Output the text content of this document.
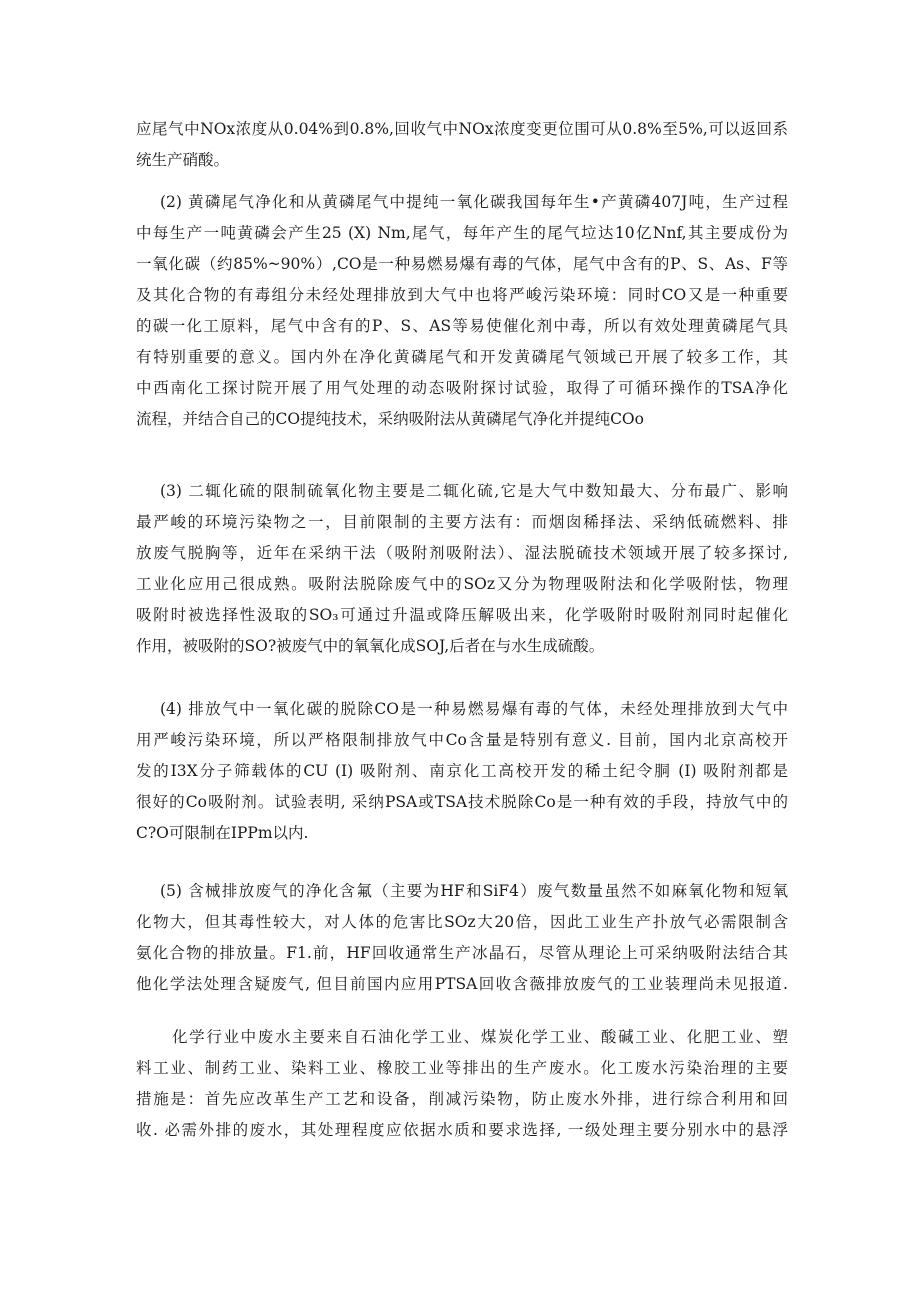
应尾气中NOx浓度从0.04%到0.8%,回收气中NOx浓度变更位围可从0.8%至5%,可以返回系
统生产硝酸。
(2) 黄磷尾气净化和从黄磷尾气中提纯一氧化碳我国每年生•产黄磷407J吨，生产过程
中每生产一吨黄磷会产生25 (X) Nm,尾气，每年产生的尾气垃达10亿Nnf,其主要成份为
一氧化碳（约85%~90%）,CO是一种易燃易爆有毒的气体，尾气中含有的P、S、As、F等
及其化合物的有毒组分未经处理排放到大气中也将严峻污染环境：同时CO又是一种重要
的碳一化工原料，尾气中含有的P、S、AS等易使催化剂中毒，所以有效处理黄磷尾气具
有特别重要的意义。国内外在净化黄磷尾气和开发黄磷尾气领域已开展了较多工作，其
中西南化工探讨院开展了用气处理的动态吸附探讨试验，取得了可循环操作的TSA净化
流程，并结合自己的CO提纯技术，采纳吸附法从黄磷尾气净化并提纯COo
(3) 二辄化硫的限制硫氧化物主要是二辄化硫,它是大气中数知最大、分布最广、影响
最严峻的环境污染物之一，目前限制的主要方法有：而烟囱稀择法、采纳低硫燃料、排
放废气脱胸等，近年在采纳干法（吸附剂吸附法）、湿法脱硫技术领域开展了较多探讨,
工业化应用己很成熟。吸附法脱除废气中的SOz又分为物理吸附法和化学吸附怯，物理
吸附时被选择性汲取的SO₃可通过升温或降压解吸出来，化学吸附时吸附剂同时起催化
作用，被吸附的SO?被废气中的氧氧化成SOJ,后者在与水生成硫酸。
(4) 排放气中一氧化碳的脱除CO是一种易燃易爆有毒的气体，未经处理排放到大气中
用严峻污染环境，所以严格限制排放气中Co含量是特别有意义. 目前，国内北京高校开
发的I3X分子筛载体的CU (I) 吸附剂、南京化工高校开发的稀土纪令胴 (I) 吸附剂都是
很好的Co吸附剂。试验表明, 采纳PSA或TSA技术脱除Co是一种有效的手段，持放气中的
C?O可限制在IPPm以内.
(5) 含械排放废气的净化含氟（主要为HF和SiF4）废气数量虽然不如麻氧化物和短氧
化物大，但其毒性较大，对人体的危害比SOz大20倍，因此工业生产扑放气必需限制含
氨化合物的排放量。F1.前，HF回收通常生产冰晶石，尽管从理论上可采纳吸附法结合其
他化学法处理含疑废气, 但目前国内应用PTSA回收含薇排放废气的工业装理尚未见报道.
化学行业中废水主要来自石油化学工业、煤炭化学工业、酸碱工业、化肥工业、塑
料工业、制药工业、染料工业、橡胶工业等排出的生产废水。化工废水污染治理的主要
措施是：首先应改革生产工艺和设备，削减污染物，防止废水外排，进行综合利用和回
收. 必需外排的废水，其处理程度应依据水质和要求选择, 一级处理主要分别水中的悬浮
